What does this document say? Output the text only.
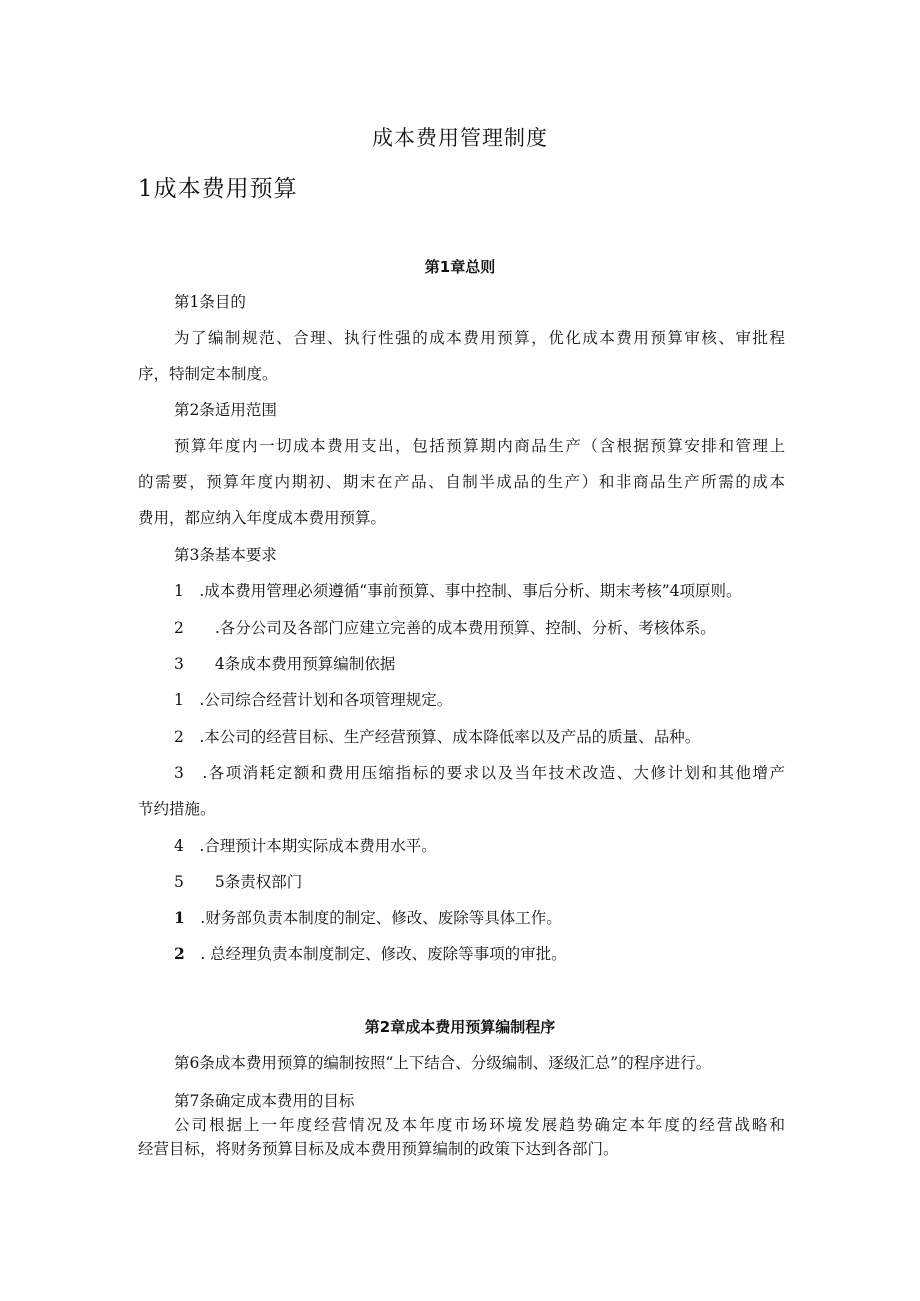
成本费用管理制度
1成本费用预算
第1章总则
第1条目的
为了编制规范、合理、执行性强的成本费用预算，优化成本费用预算审核、审批程
序，特制定本制度。
第2条适用范围
预算年度内一切成本费用支出，包括预算期内商品生产（含根据预算安排和管理上
的需要，预算年度内期初、期末在产品、自制半成品的生产）和非商品生产所需的成本
费用，都应纳入年度成本费用预算。
第3条基本要求
1　.成本费用管理必须遵循“事前预算、事中控制、事后分析、期末考核”4项原则。
2　　.各分公司及各部门应建立完善的成本费用预算、控制、分析、考核体系。
3　　4条成本费用预算编制依据
1　.公司综合经营计划和各项管理规定。
2　.本公司的经营目标、生产经营预算、成本降低率以及产品的质量、品种。
3　.各项消耗定额和费用压缩指标的要求以及当年技术改造、大修计划和其他增产
节约措施。
4　.合理预计本期实际成本费用水平。
5　　5条责权部门
1　.财务部负责本制度的制定、修改、废除等具体工作。
2　. 总经理负责本制度制定、修改、废除等事项的审批。
第2章成本费用预算编制程序
第6条成本费用预算的编制按照“上下结合、分级编制、逐级汇总”的程序进行。
第7条确定成本费用的目标
公司根据上一年度经营情况及本年度市场环境发展趋势确定本年度的经营战略和
经营目标，将财务预算目标及成本费用预算编制的政策下达到各部门。
